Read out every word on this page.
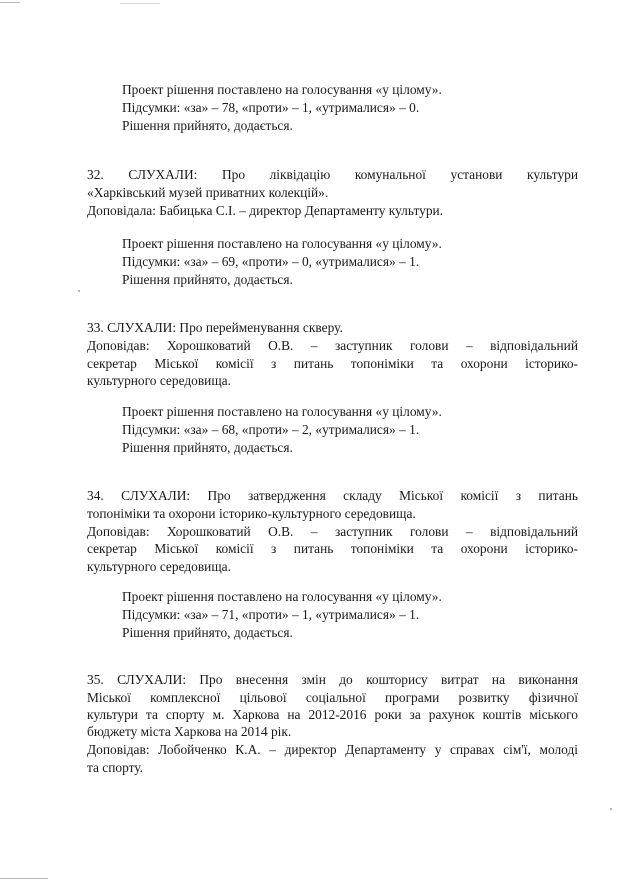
Проект рішення поставлено на голосування «у цілому».
Підсумки: «за» – 78, «проти» – 1, «утрималися» – 0.
Рішення прийнято, додається.
32. СЛУХАЛИ: Про ліквідацію комунальної установи культури
«Харківський музей приватних колекцій».
Доповідала: Бабицька С.І. – директор Департаменту культури.
Проект рішення поставлено на голосування «у цілому».
Підсумки: «за» – 69, «проти» – 0, «утрималися» – 1.
Рішення прийнято, додається.
33. СЛУХАЛИ: Про перейменування скверу.
Доповідав: Хорошковатий О.В. – заступник голови – відповідальний
секретар Міської комісії з питань топоніміки та охорони історико-
культурного середовища.
Проект рішення поставлено на голосування «у цілому».
Підсумки: «за» – 68, «проти» – 2, «утрималися» – 1.
Рішення прийнято, додається.
34. СЛУХАЛИ: Про затвердження складу Міської комісії з питань
топоніміки та охорони історико-культурного середовища.
Доповідав: Хорошковатий О.В. – заступник голови – відповідальний
секретар Міської комісії з питань топоніміки та охорони історико-
культурного середовища.
Проект рішення поставлено на голосування «у цілому».
Підсумки: «за» – 71, «проти» – 1, «утрималися» – 1.
Рішення прийнято, додається.
35. СЛУХАЛИ: Про внесення змін до кошторису витрат на виконання
Міської комплексної цільової соціальної програми розвитку фізичної
культури та спорту м. Харкова на 2012-2016 роки за рахунок коштів міського
бюджету міста Харкова на 2014 рік.
Доповідав: Лобойченко К.А. – директор Департаменту у справах сім'ї, молоді
та спорту.
